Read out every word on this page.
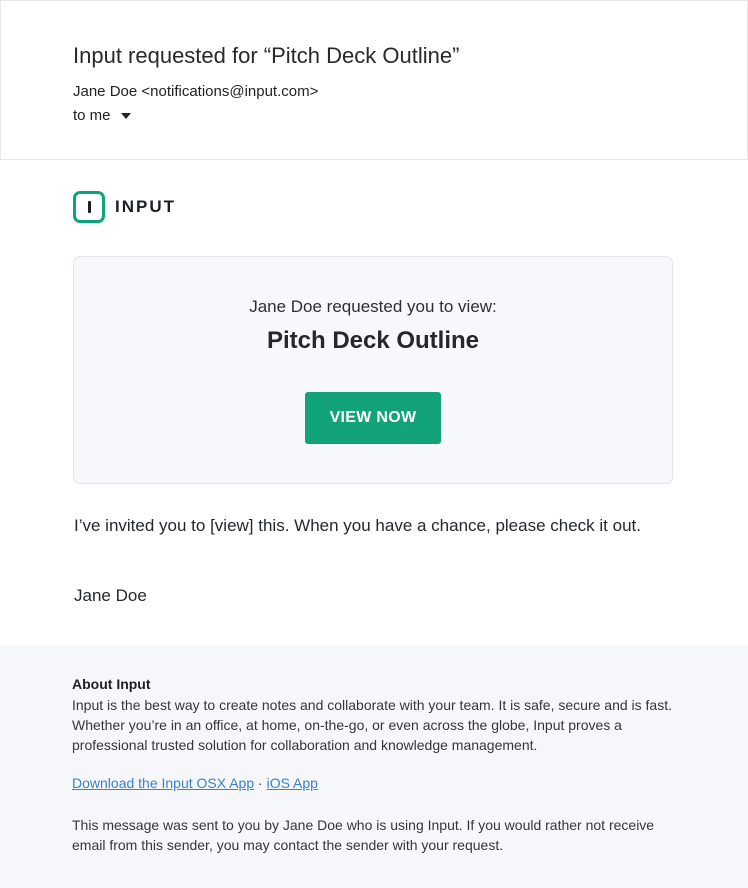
Input requested for “Pitch Deck Outline”
Jane Doe <notifications@input.com>
to me
INPUT
Jane Doe requested you to view:
Pitch Deck Outline
VIEW NOW
I’ve invited you to [view] this. When you have a chance, please check it out.
Jane Doe
About Input
Input is the best way to create notes and collaborate with your team. It is safe, secure and is fast. Whether you’re in an office, at home, on-the-go, or even across the globe, Input proves a professional trusted solution for collaboration and knowledge management.
Download the Input OSX App · iOS App
This message was sent to you by Jane Doe who is using Input. If you would rather not receive email from this sender, you may contact the sender with your request.
